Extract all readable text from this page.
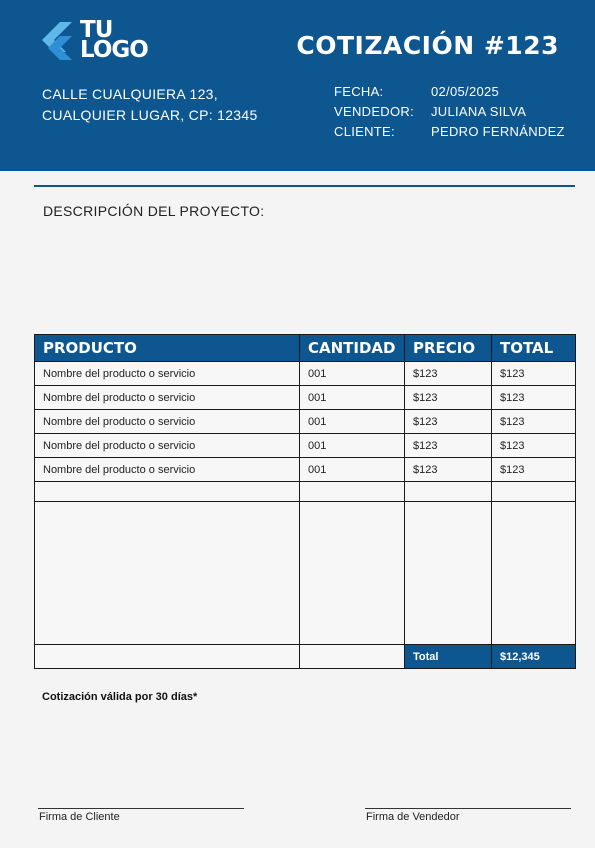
TU
LOGO	COTIZACIÓN #123
CALLE CUALQUIERA 123,
CUALQUIER LUGAR, CP: 12345
FECHA:	02/05/2025
VENDEDOR:	JULIANA SILVA
CLIENTE:	PEDRO FERNÁNDEZ
DESCRIPCIÓN DEL PROYECTO:
PRODUCTO	CANTIDAD	PRECIO	TOTAL
Nombre del producto o servicio	001	$123	$123
Nombre del producto o servicio	001	$123	$123
Nombre del producto o servicio	001	$123	$123
Nombre del producto o servicio	001	$123	$123
Nombre del producto o servicio	001	$123	$123

		Total	$12,345
Cotización válida por 30 días*
Firma de Cliente	Firma de Vendedor
